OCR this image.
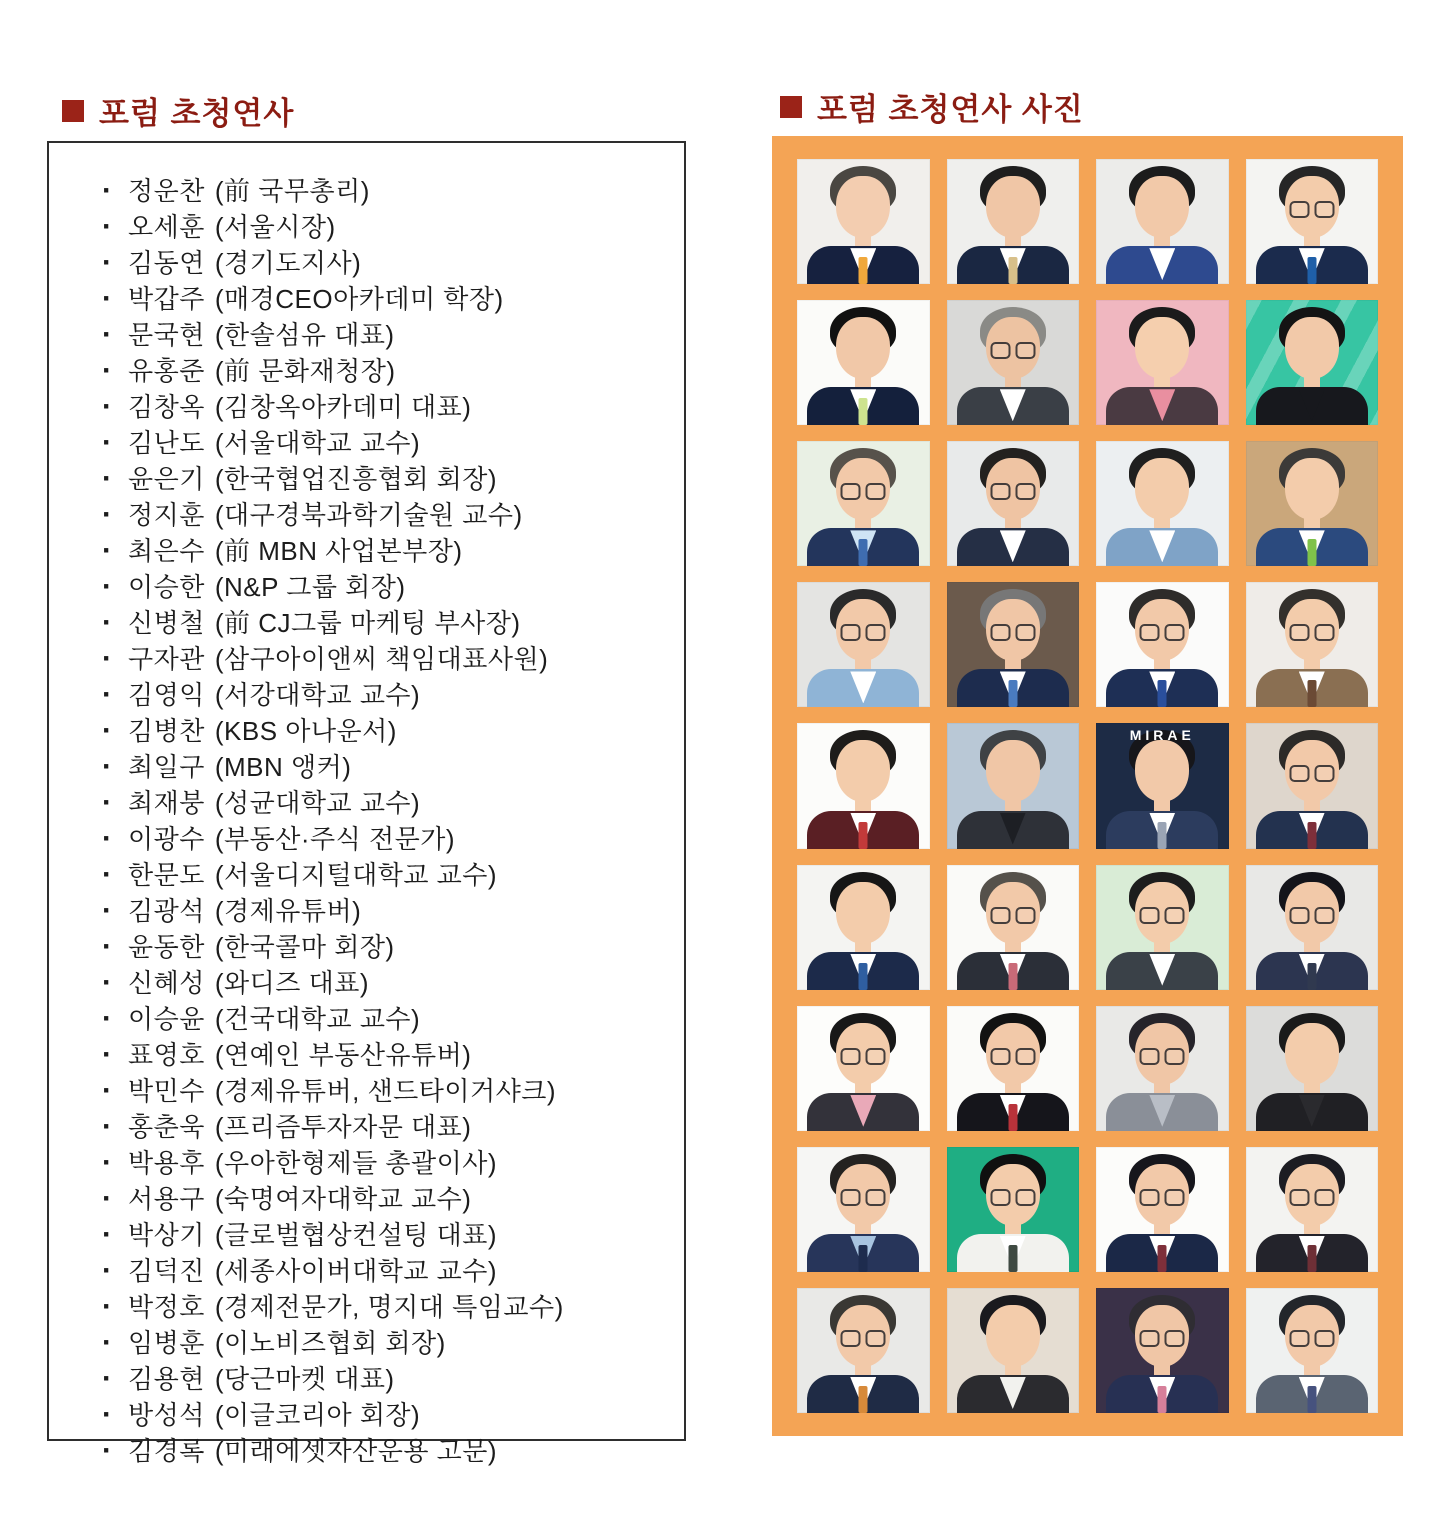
포럼 초청연사	포럼 초청연사 사진
·정운찬 (前 국무총리)
·오세훈 (서울시장)
·김동연 (경기도지사)
·박갑주 (매경CEO아카데미 학장)
·문국현 (한솔섬유 대표)
·유홍준 (前 문화재청장)
·김창옥 (김창옥아카데미 대표)
·김난도 (서울대학교 교수)
·윤은기 (한국협업진흥협회 회장)
·정지훈 (대구경북과학기술원 교수)
·최은수 (前 MBN 사업본부장)
·이승한 (N&P 그룹 회장)
·신병철 (前 CJ그룹 마케팅 부사장)
·구자관 (삼구아이앤씨 책임대표사원)
·김영익 (서강대학교 교수)
·김병찬 (KBS 아나운서)
·최일구 (MBN 앵커)
·최재붕 (성균대학교 교수)
·이광수 (부동산·주식 전문가)
·한문도 (서울디지털대학교 교수)
·김광석 (경제유튜버)
·윤동한 (한국콜마 회장)
·신혜성 (와디즈 대표)
·이승윤 (건국대학교 교수)
·표영호 (연예인 부동산유튜버)
·박민수 (경제유튜버, 샌드타이거샤크)
·홍춘욱 (프리즘투자자문 대표)
·박용후 (우아한형제들 총괄이사)
·서용구 (숙명여자대학교 교수)
·박상기 (글로벌협상컨설팅 대표)
·김덕진 (세종사이버대학교 교수)
·박정호 (경제전문가, 명지대 특임교수)
·임병훈 (이노비즈협회 회장)
·김용현 (당근마켓 대표)
·방성석 (이글코리아 회장)
·김경록 (미래에셋자산운용 고문)
MIRAE
